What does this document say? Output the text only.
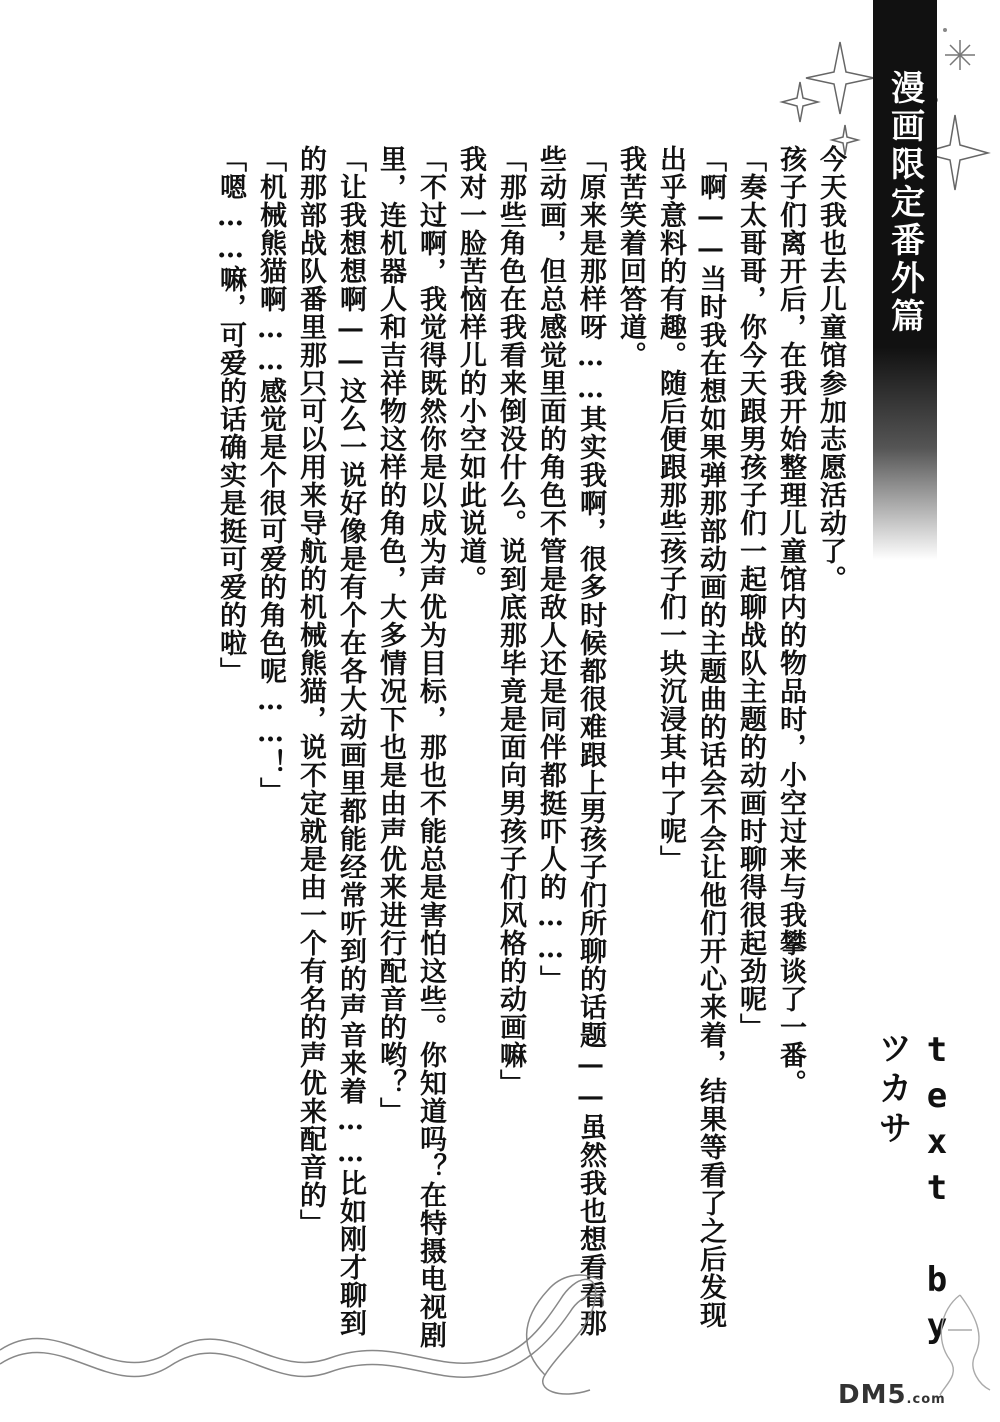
漫画限定番外篇

今天我也去儿童馆参加志愿活动了。

孩子们离开后，在我开始整理儿童馆内的物品时，小空过来与我攀谈了一番。

「奏太哥哥，你今天跟男孩子们一起聊战队主题的动画时聊得很起劲呢」

「啊——当时我在想如果弹那部动画的主题曲的话会不会让他们开心来着，结果等看了之后发现出乎意料的有趣。随后便跟那些孩子们一块沉浸其中了呢」

我苦笑着回答道。

「原来是那样呀……其实我啊，很多时候都很难跟上男孩子们所聊的话题——虽然我也想看看那些动画，但总感觉里面的角色不管是敌人还是同伴都挺吓人的……」

「那些角色在我看来倒没什么。说到底那毕竟是面向男孩子们风格的动画嘛」

我对一脸苦恼样儿的小空如此说道。

「不过啊，我觉得既然你是以成为声优为目标，那也不能总是害怕这些。你知道吗？在特摄电视剧里，连机器人和吉祥物这样的角色，大多情况下也是由声优来进行配音的哟？」

「让我想想啊——这么一说好像是有个在各大动画里都能经常听到的声音来着……比如刚才聊到的那部战队番里那只可以用来导航的机械熊猫，说不定就是由一个有名的声优来配音的」

「机械熊猫啊……感觉是个很可爱的角色呢……！」

「嗯……嘛，可爱的话确实是挺可爱的啦」

text by ツカサ
DM5.com
